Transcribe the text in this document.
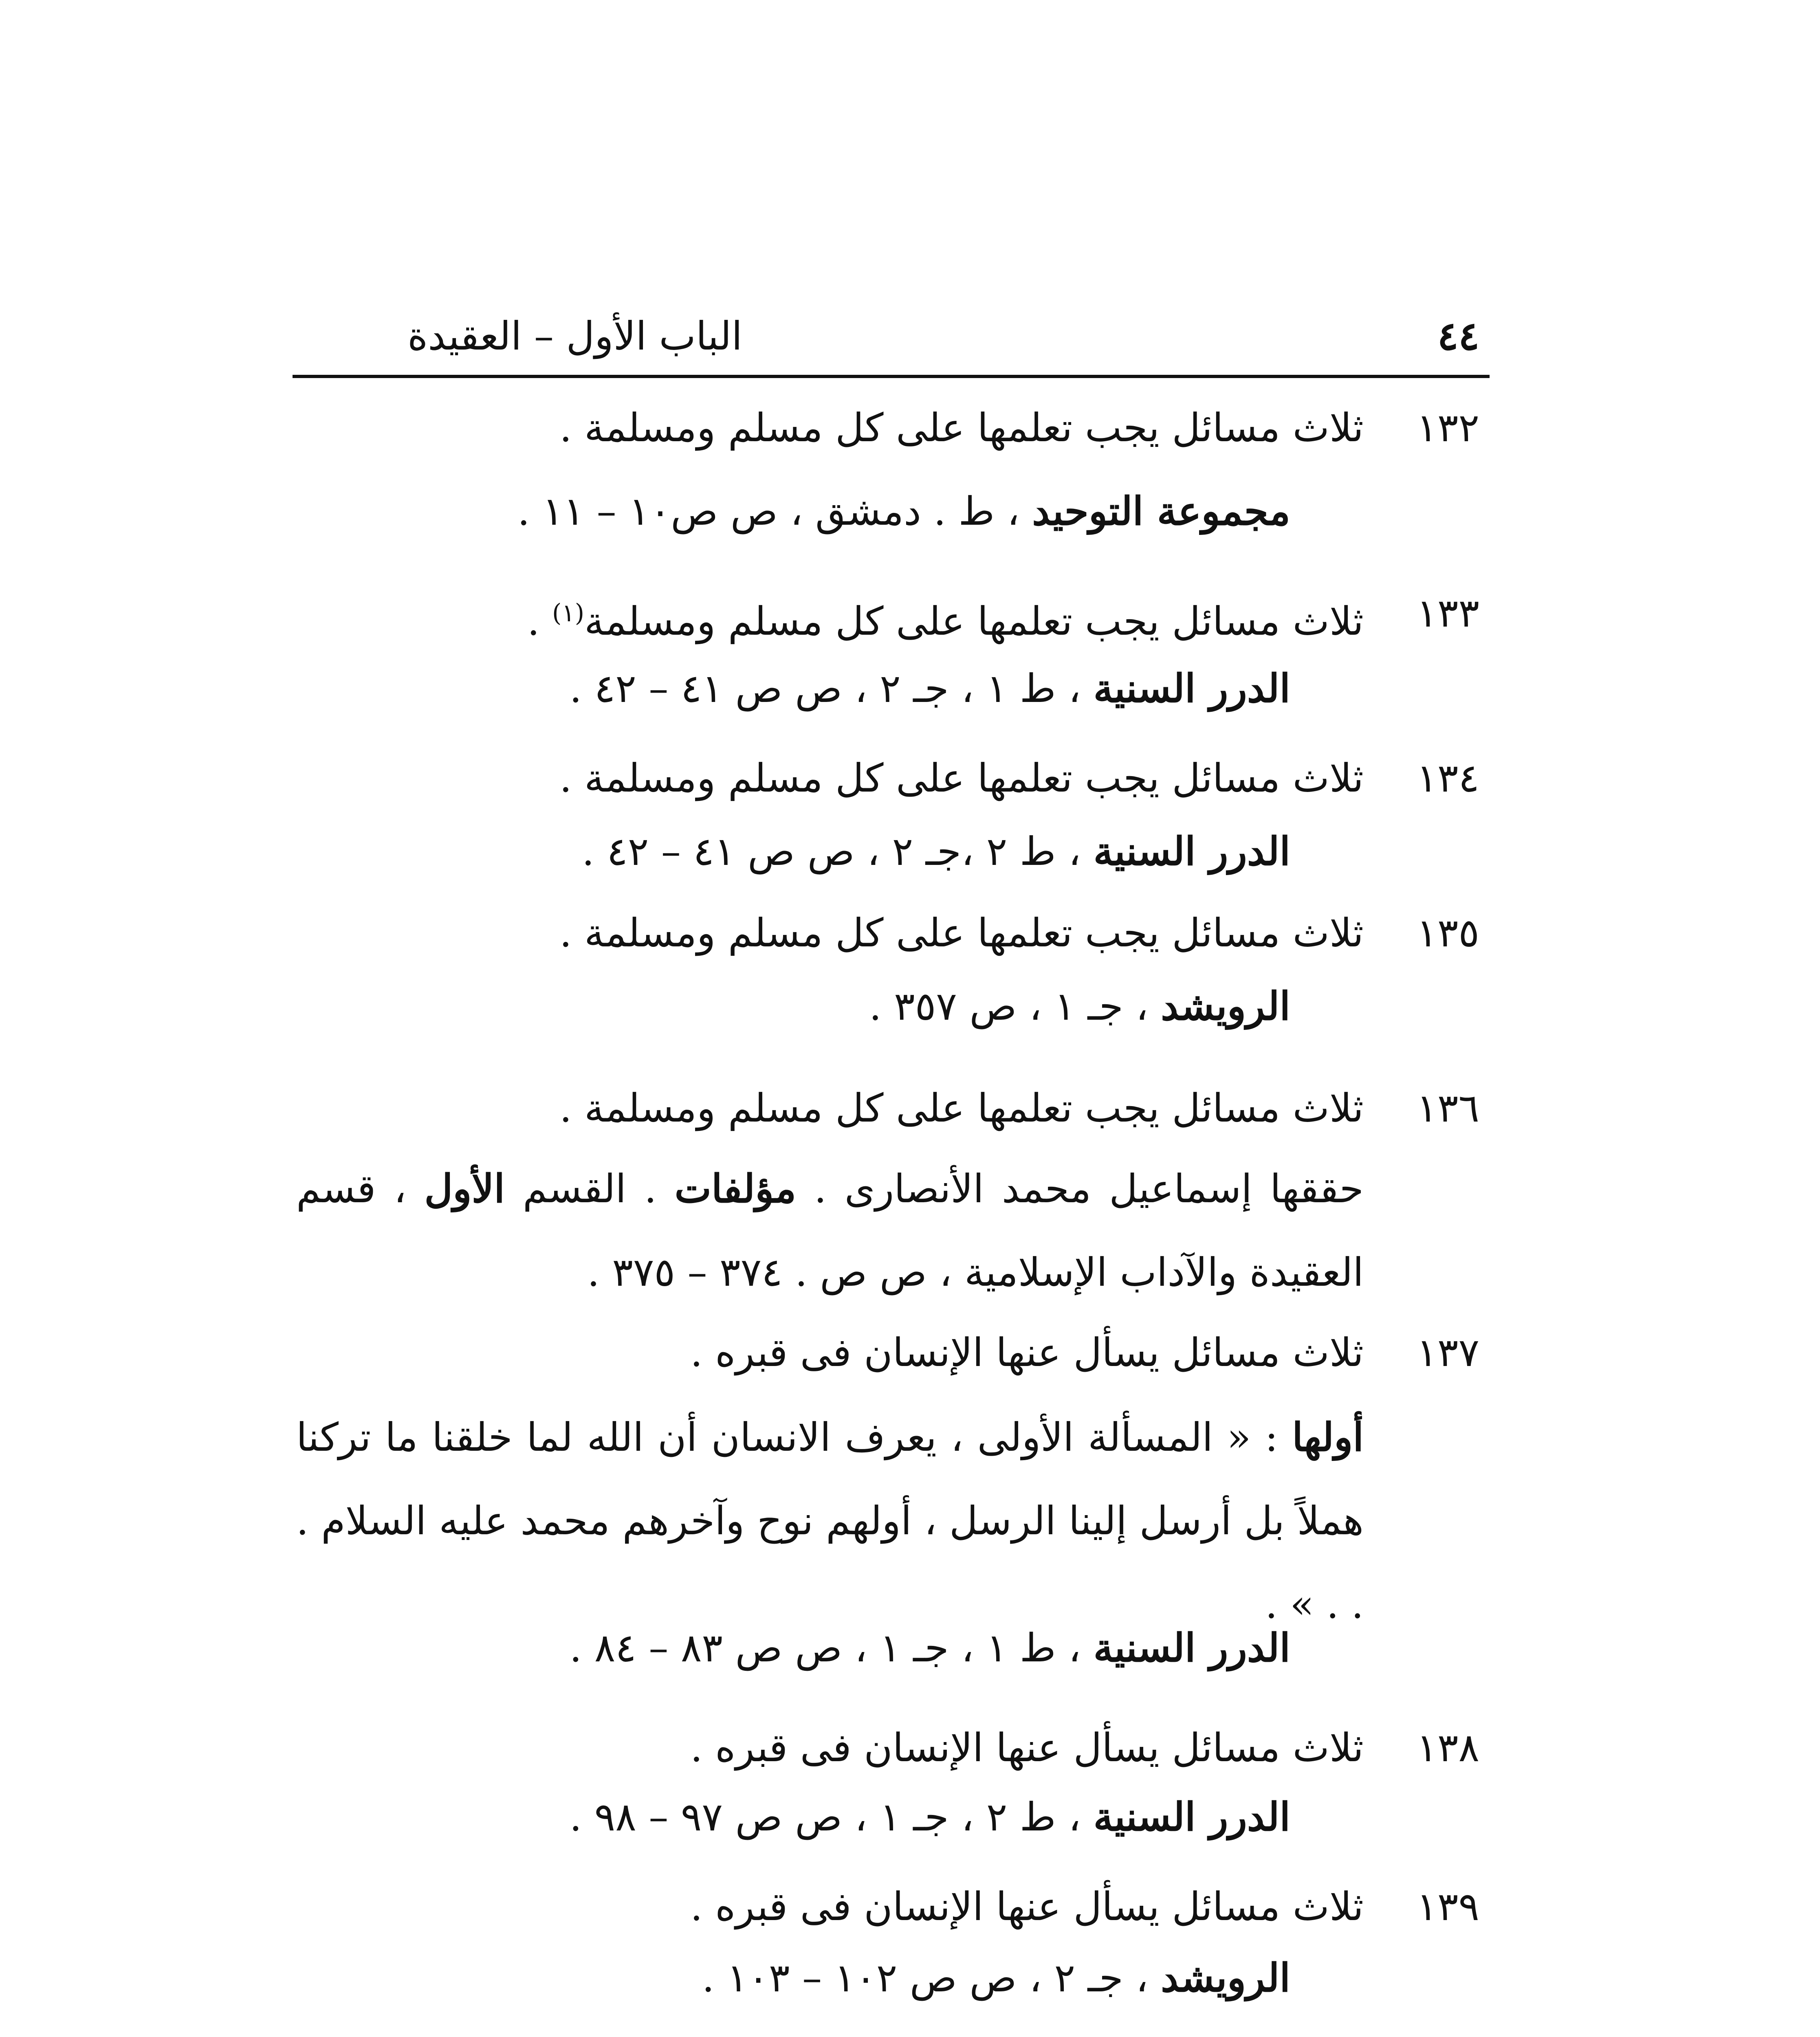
الباب الأول – العقيدة	٤٤
١٣٢
ثلاث مسائل يجب تعلمها على كل مسلم ومسلمة .
مجموعة التوحيد ، ط . دمشق ، ص ص١٠ – ١١ .
١٣٣
ثلاث مسائل يجب تعلمها على كل مسلم ومسلمة$^{(١)}$ .
الدرر السنية ، ط ١ ، جـ ٢ ، ص ص ٤١ – ٤٢ .
١٣٤
ثلاث مسائل يجب تعلمها على كل مسلم ومسلمة .
الدرر السنية ، ط ٢ ،جـ ٢ ، ص ص ٤١ – ٤٢ .
١٣٥
ثلاث مسائل يجب تعلمها على كل مسلم ومسلمة .
الرويشد ، جـ ١ ، ص ٣٥٧ .
١٣٦
ثلاث مسائل يجب تعلمها على كل مسلم ومسلمة .
حققها إسماعيل محمد الأنصارى . مؤلفات . القسم الأول ، قسم العقيدة والآداب الإسلامية ، ص ص . ٣٧٤ – ٣٧٥ .
١٣٧
ثلاث مسائل يسأل عنها الإنسان فى قبره .
أولها : « المسألة الأولى ، يعرف الانسان أن الله لما خلقنا ما تركنا هملاً بل أرسل إلينا الرسل ، أولهم نوح وآخرهم محمد عليه السلام . . . » .
الدرر السنية ، ط ١ ، جـ ١ ، ص ص ٨٣ – ٨٤ .
١٣٨
ثلاث مسائل يسأل عنها الإنسان فى قبره .
الدرر السنية ، ط ٢ ، جـ ١ ، ص ص ٩٧ – ٩٨ .
١٣٩
ثلاث مسائل يسأل عنها الإنسان فى قبره .
الرويشد ، جـ ٢ ، ص ص ١٠٢ – ١٠٣ .
